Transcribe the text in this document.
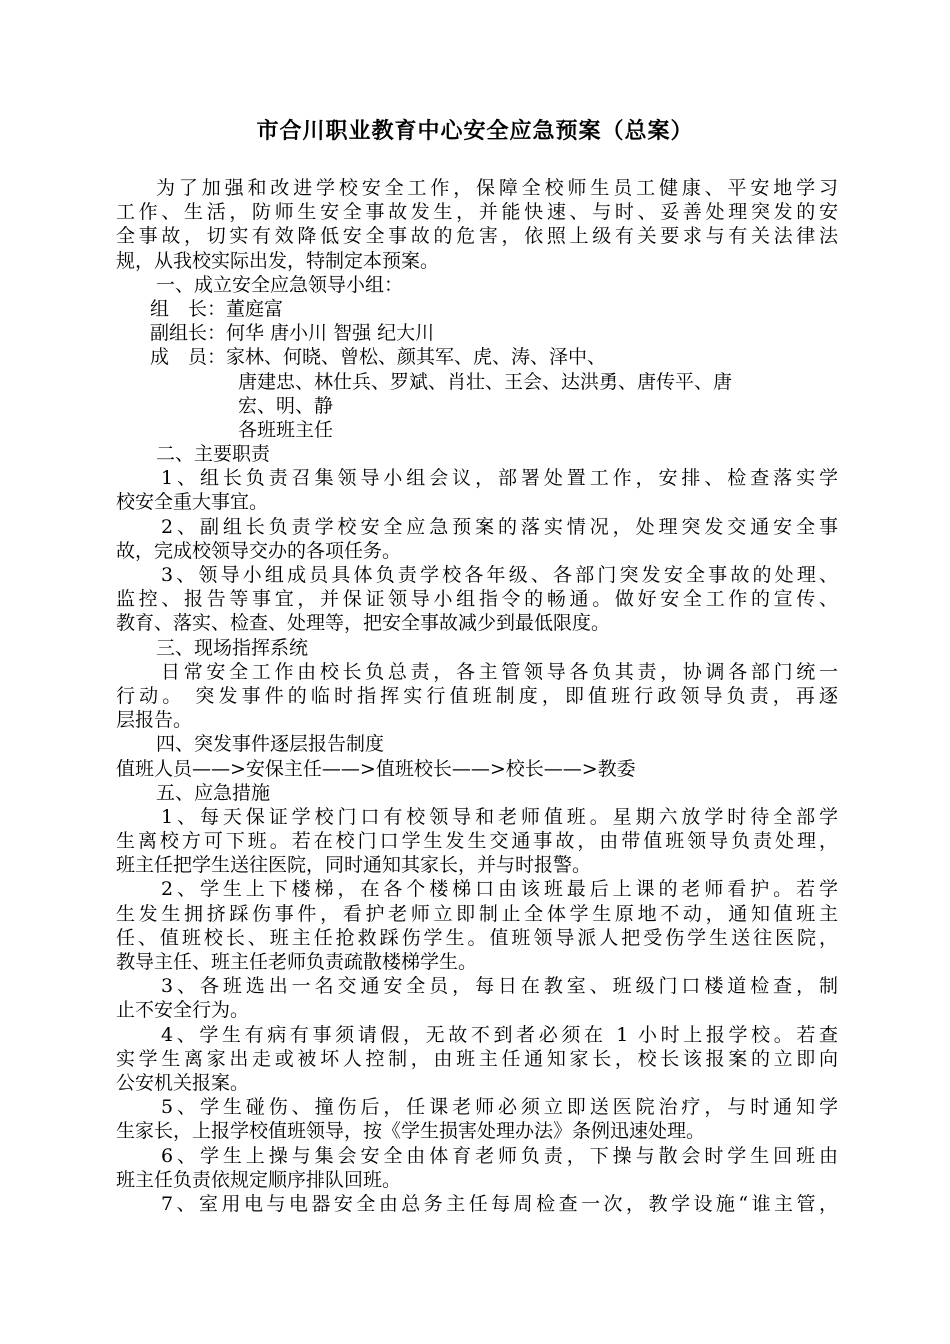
市合川职业教育中心安全应急预案（总案）
为了加强和改进学校安全工作，保障全校师生员工健康、平安地学习
工作、生活，防师生安全事故发生，并能快速、与时、妥善处理突发的安
全事故，切实有效降低安全事故的危害，依照上级有关要求与有关法律法
规，从我校实际出发，特制定本预案。
一、成立安全应急领导小组：
组　长：董庭富
副组长：何华 唐小川 智强 纪大川
成　员：家林、何晓、曾松、颜其军、虎、涛、泽中、
唐建忠、林仕兵、罗斌、肖壮、王会、达洪勇、唐传平、唐
宏、明、静
各班班主任
二、主要职责
1、组长负责召集领导小组会议，部署处置工作，安排、检查落实学
校安全重大事宜。
2、副组长负责学校安全应急预案的落实情况，处理突发交通安全事
故，完成校领导交办的各项任务。
3、领导小组成员具体负责学校各年级、各部门突发安全事故的处理、
监控、报告等事宜，并保证领导小组指令的畅通。做好安全工作的宣传、
教育、落实、检查、处理等，把安全事故减少到最低限度。
三、现场指挥系统
日常安全工作由校长负总责，各主管领导各负其责，协调各部门统一
行动。 突发事件的临时指挥实行值班制度，即值班行政领导负责，再逐
层报告。
四、突发事件逐层报告制度
值班人员——>安保主任——>值班校长——>校长——>教委
五、应急措施
1、每天保证学校门口有校领导和老师值班。星期六放学时待全部学
生离校方可下班。若在校门口学生发生交通事故，由带值班领导负责处理，
班主任把学生送往医院，同时通知其家长，并与时报警。
2、学生上下楼梯，在各个楼梯口由该班最后上课的老师看护。若学
生发生拥挤踩伤事件，看护老师立即制止全体学生原地不动，通知值班主
任、值班校长、班主任抢救踩伤学生。值班领导派人把受伤学生送往医院，
教导主任、班主任老师负责疏散楼梯学生。
3、各班选出一名交通安全员，每日在教室、班级门口楼道检查，制
止不安全行为。
4、学生有病有事须请假，无故不到者必须在 1 小时上报学校。若查
实学生离家出走或被坏人控制，由班主任通知家长，校长该报案的立即向
公安机关报案。
5、学生碰伤、撞伤后，任课老师必须立即送医院治疗，与时通知学
生家长，上报学校值班领导，按《学生损害处理办法》条例迅速处理。
6、学生上操与集会安全由体育老师负责，下操与散会时学生回班由
班主任负责依规定顺序排队回班。
7、室用电与电器安全由总务主任每周检查一次，教学设施“谁主管，
